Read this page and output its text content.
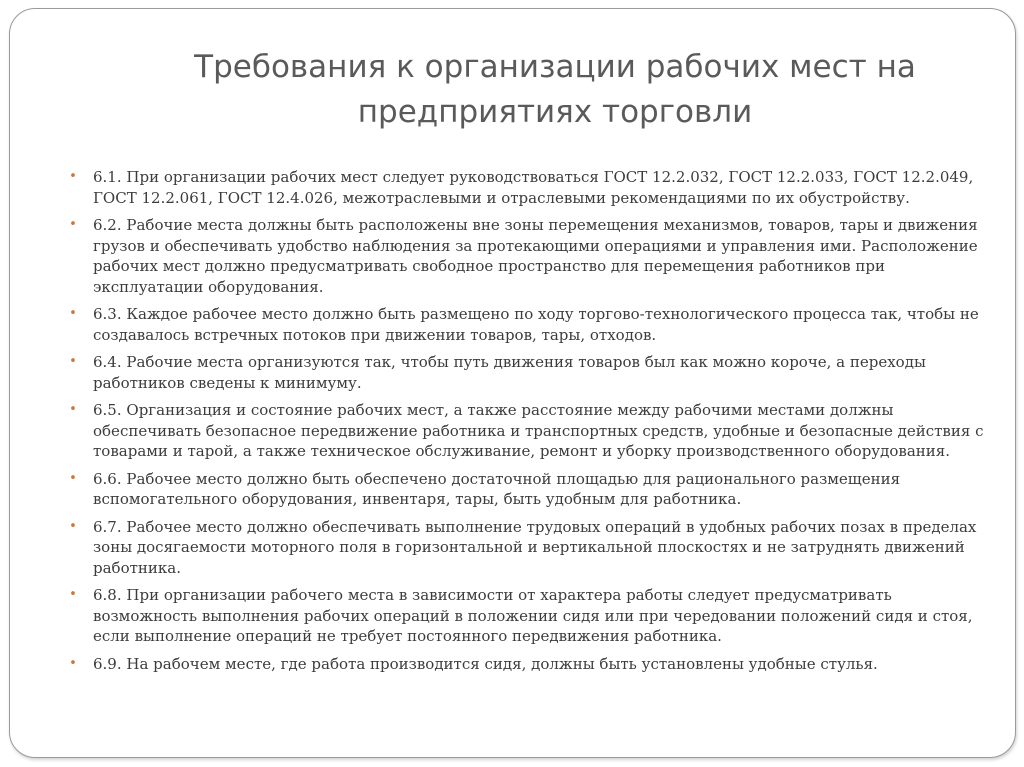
Требования к организации рабочих мест на предприятиях торговли
• 6.1. При организации рабочих мест следует руководствоваться ГОСТ 12.2.032, ГОСТ 12.2.033, ГОСТ 12.2.049, ГОСТ 12.2.061, ГОСТ 12.4.026, межотраслевыми и отраслевыми рекомендациями по их обустройству.
• 6.2. Рабочие места должны быть расположены вне зоны перемещения механизмов, товаров, тары и движения грузов и обеспечивать удобство наблюдения за протекающими операциями и управления ими. Расположение рабочих мест должно предусматривать свободное пространство для перемещения работников при эксплуатации оборудования.
• 6.3. Каждое рабочее место должно быть размещено по ходу торгово-технологического процесса так, чтобы не создавалось встречных потоков при движении товаров, тары, отходов.
• 6.4. Рабочие места организуются так, чтобы путь движения товаров был как можно короче, а переходы работников сведены к минимуму.
• 6.5. Организация и состояние рабочих мест, а также расстояние между рабочими местами должны обеспечивать безопасное передвижение работника и транспортных средств, удобные и безопасные действия с товарами и тарой, а также техническое обслуживание, ремонт и уборку производственного оборудования.
• 6.6. Рабочее место должно быть обеспечено достаточной площадью для рационального размещения вспомогательного оборудования, инвентаря, тары, быть удобным для работника.
• 6.7. Рабочее место должно обеспечивать выполнение трудовых операций в удобных рабочих позах в пределах зоны досягаемости моторного поля в горизонтальной и вертикальной плоскостях и не затруднять движений работника.
• 6.8. При организации рабочего места в зависимости от характера работы следует предусматривать возможность выполнения рабочих операций в положении сидя или при чередовании положений сидя и стоя, если выполнение операций не требует постоянного передвижения работника.
• 6.9. На рабочем месте, где работа производится сидя, должны быть установлены удобные стулья.
